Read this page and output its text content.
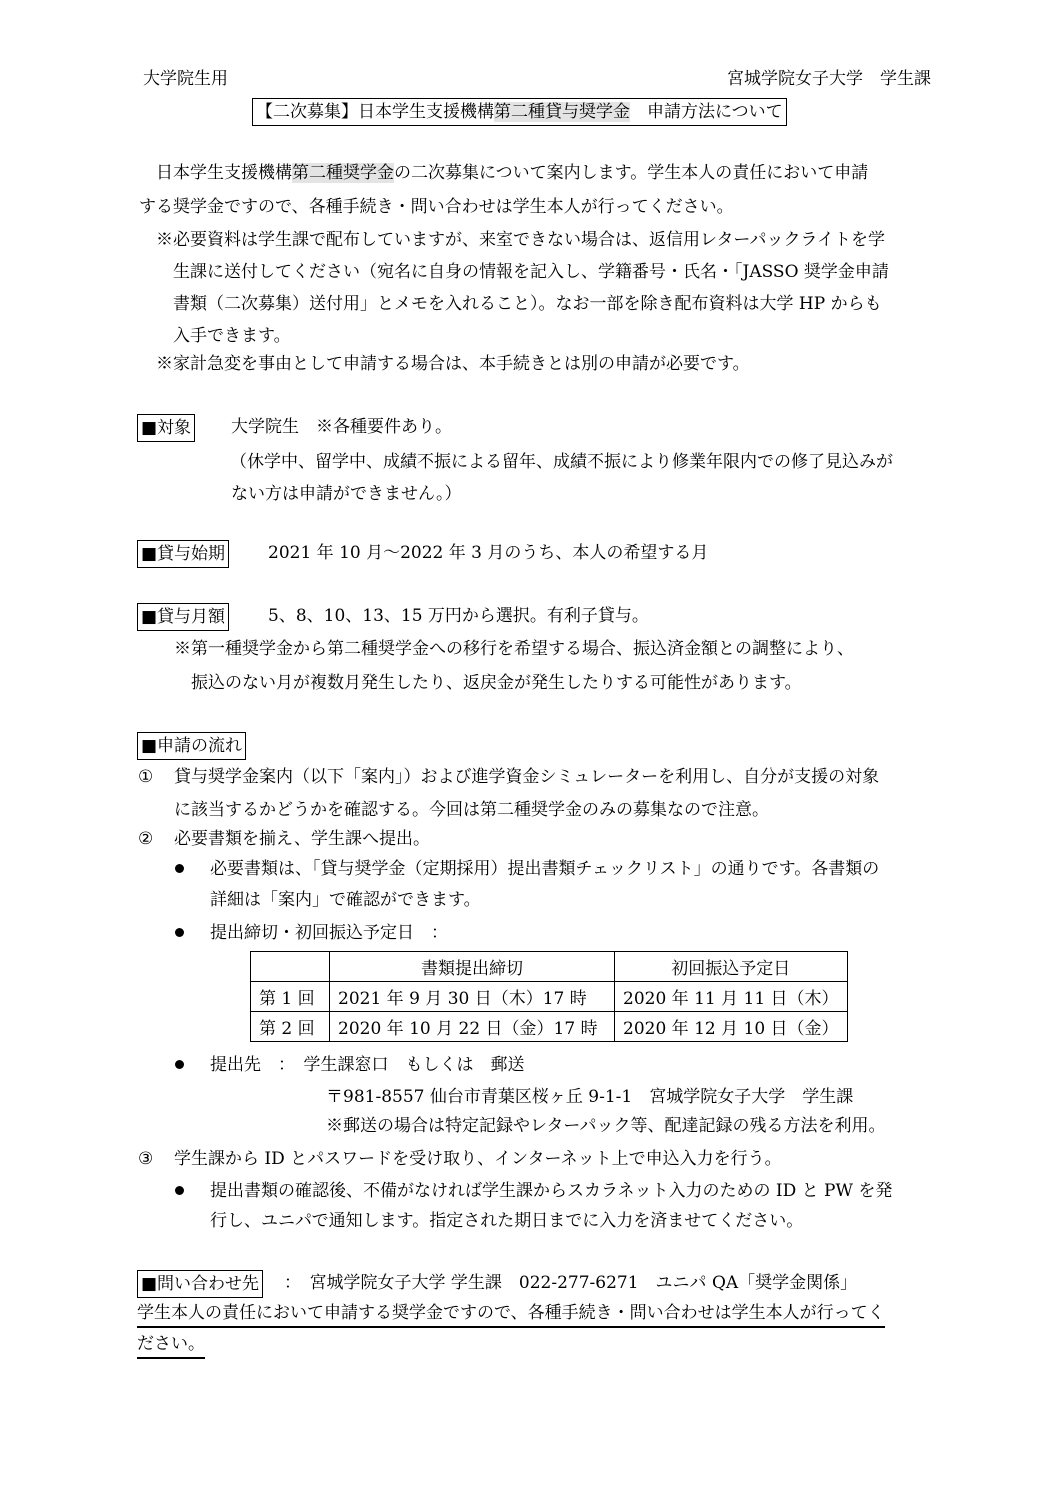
大学院生用	宮城学院女子大学　学生課
【二次募集】日本学生支援機構第二種貸与奨学金　申請方法について
日本学生支援機構第二種奨学金の二次募集について案内します。学生本人の責任において申請
する奨学金ですので、各種手続き・問い合わせは学生本人が行ってください。
※必要資料は学生課で配布していますが、来室できない場合は、返信用レターパックライトを学
生課に送付してください（宛名に自身の情報を記入し、学籍番号・氏名・「JASSO 奨学金申請
書類（二次募集）送付用」とメモを入れること）。なお一部を除き配布資料は大学 HP からも
入手できます。
※家計急変を事由として申請する場合は、本手続きとは別の申請が必要です。
■対象 大学院生　※各種要件あり。
（休学中、留学中、成績不振による留年、成績不振により修業年限内での修了見込みが
ない方は申請ができません。）
■貸与始期	2021 年 10 月～2022 年 3 月のうち、本人の希望する月
■貸与月額	5、8、10、13、15 万円から選択。有利子貸与。
※第一種奨学金から第二種奨学金への移行を希望する場合、振込済金額との調整により、
振込のない月が複数月発生したり、返戻金が発生したりする可能性があります。
■申請の流れ
① 貸与奨学金案内（以下「案内」）および進学資金シミュレーターを利用し、自分が支援の対象
に該当するかどうかを確認する。今回は第二種奨学金のみの募集なので注意。
② 必要書類を揃え、学生課へ提出。
必要書類は、「貸与奨学金（定期採用）提出書類チェックリスト」の通りです。各書類の
詳細は「案内」で確認ができます。
提出締切・初回振込予定日　：
	書類提出締切	初回振込予定日
第 1 回	2021 年 9 月 30 日（木）17 時	2020 年 11 月 11 日（木）
第 2 回	2020 年 10 月 22 日（金）17 時	2020 年 12 月 10 日（金）
提出先　：　学生課窓口　もしくは　郵送
〒981-8557 仙台市青葉区桜ヶ丘 9-1-1　宮城学院女子大学　学生課
※郵送の場合は特定記録やレターパック等、配達記録の残る方法を利用。
③ 学生課から ID とパスワードを受け取り、インターネット上で申込入力を行う。
提出書類の確認後、不備がなければ学生課からスカラネット入力のための ID と PW を発
行し、ユニパで通知します。指定された期日までに入力を済ませてください。
■問い合わせ先 ：　宮城学院女子大学 学生課　022-277-6271　ユニパ QA「奨学金関係」
学生本人の責任において申請する奨学金ですので、各種手続き・問い合わせは学生本人が行ってく
ださい。
